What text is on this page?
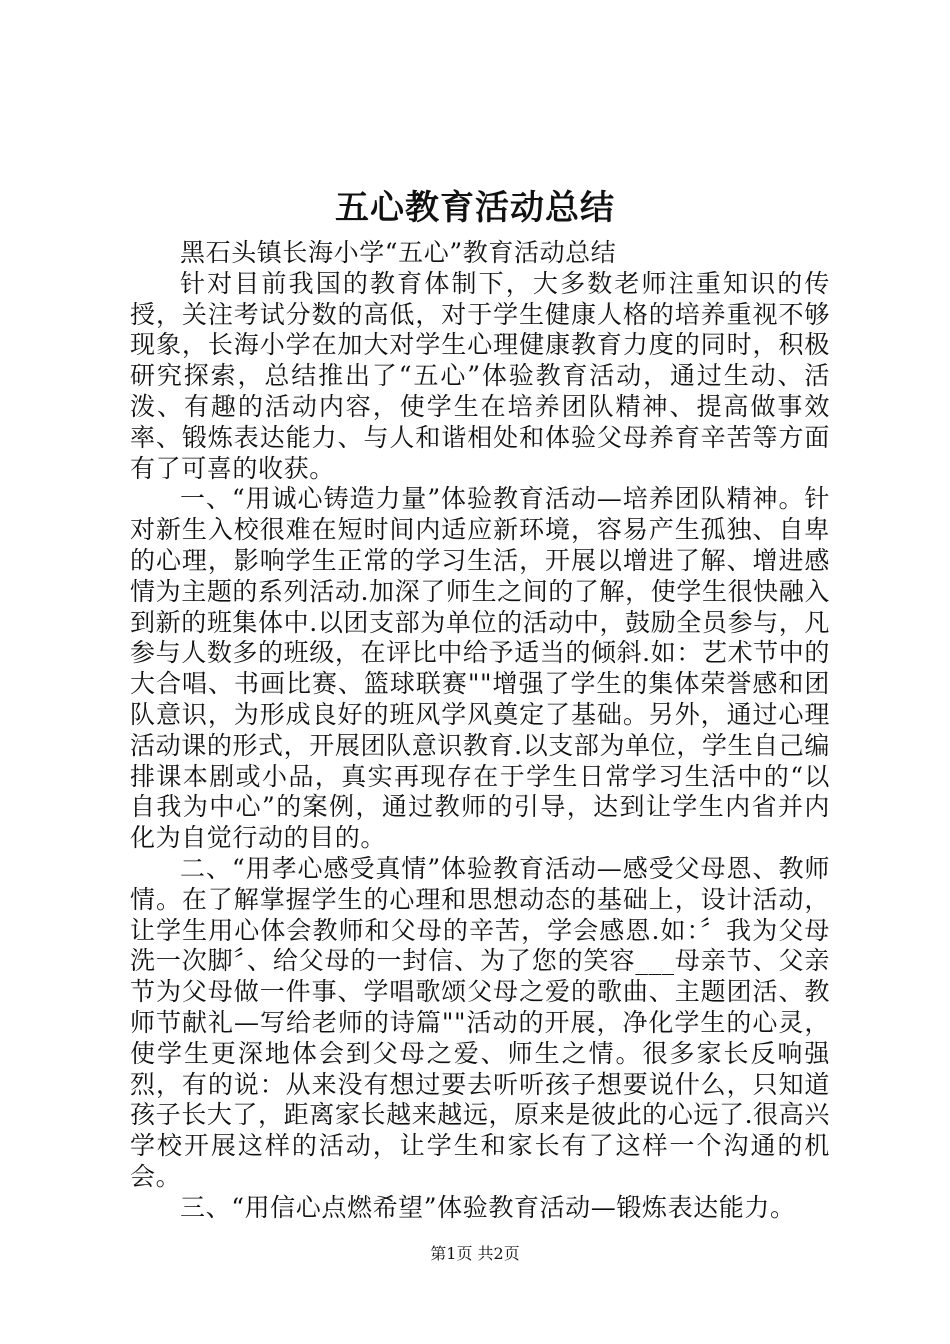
五心教育活动总结

黑石头镇长海小学“五心”教育活动总结

针对目前我国的教育体制下，大多数老师注重知识的传授，关注考试分数的高低，对于学生健康人格的培养重视不够现象，长海小学在加大对学生心理健康教育力度的同时，积极研究探索，总结推出了“五心”体验教育活动，通过生动、活泼、有趣的活动内容，使学生在培养团队精神、提高做事效率、锻炼表达能力、与人和谐相处和体验父母养育辛苦等方面有了可喜的收获。

一、“用诚心铸造力量”体验教育活动—培养团队精神。针对新生入校很难在短时间内适应新环境，容易产生孤独、自卑的心理，影响学生正常的学习生活，开展以增进了解、增进感情为主题的系列活动.加深了师生之间的了解，使学生很快融入到新的班集体中.以团支部为单位的活动中，鼓励全员参与，凡参与人数多的班级，在评比中给予适当的倾斜.如：艺术节中的大合唱、书画比赛、篮球联赛""增强了学生的集体荣誉感和团队意识，为形成良好的班风学风奠定了基础。另外，通过心理活动课的形式，开展团队意识教育.以支部为单位，学生自己编排课本剧或小品，真实再现存在于学生日常学习生活中的“以自我为中心”的案例，通过教师的引导，达到让学生内省并内化为自觉行动的目的。

二、“用孝心感受真情”体验教育活动—感受父母恩、教师情。在了解掌握学生的心理和思想动态的基础上，设计活动，让学生用心体会教师和父母的辛苦，学会感恩.如：〞我为父母洗一次脚〞、给父母的一封信、为了您的笑容___母亲节、父亲节为父母做一件事、学唱歌颂父母之爱的歌曲、主题团活、教师节献礼—写给老师的诗篇""活动的开展，净化学生的心灵，使学生更深地体会到父母之爱、师生之情。很多家长反响强烈，有的说：从来没有想过要去听听孩子想要说什么，只知道孩子长大了，距离家长越来越远，原来是彼此的心远了.很高兴学校开展这样的活动，让学生和家长有了这样一个沟通的机会。

三、“用信心点燃希望”体验教育活动—锻炼表达能力。

第1页 共2页
